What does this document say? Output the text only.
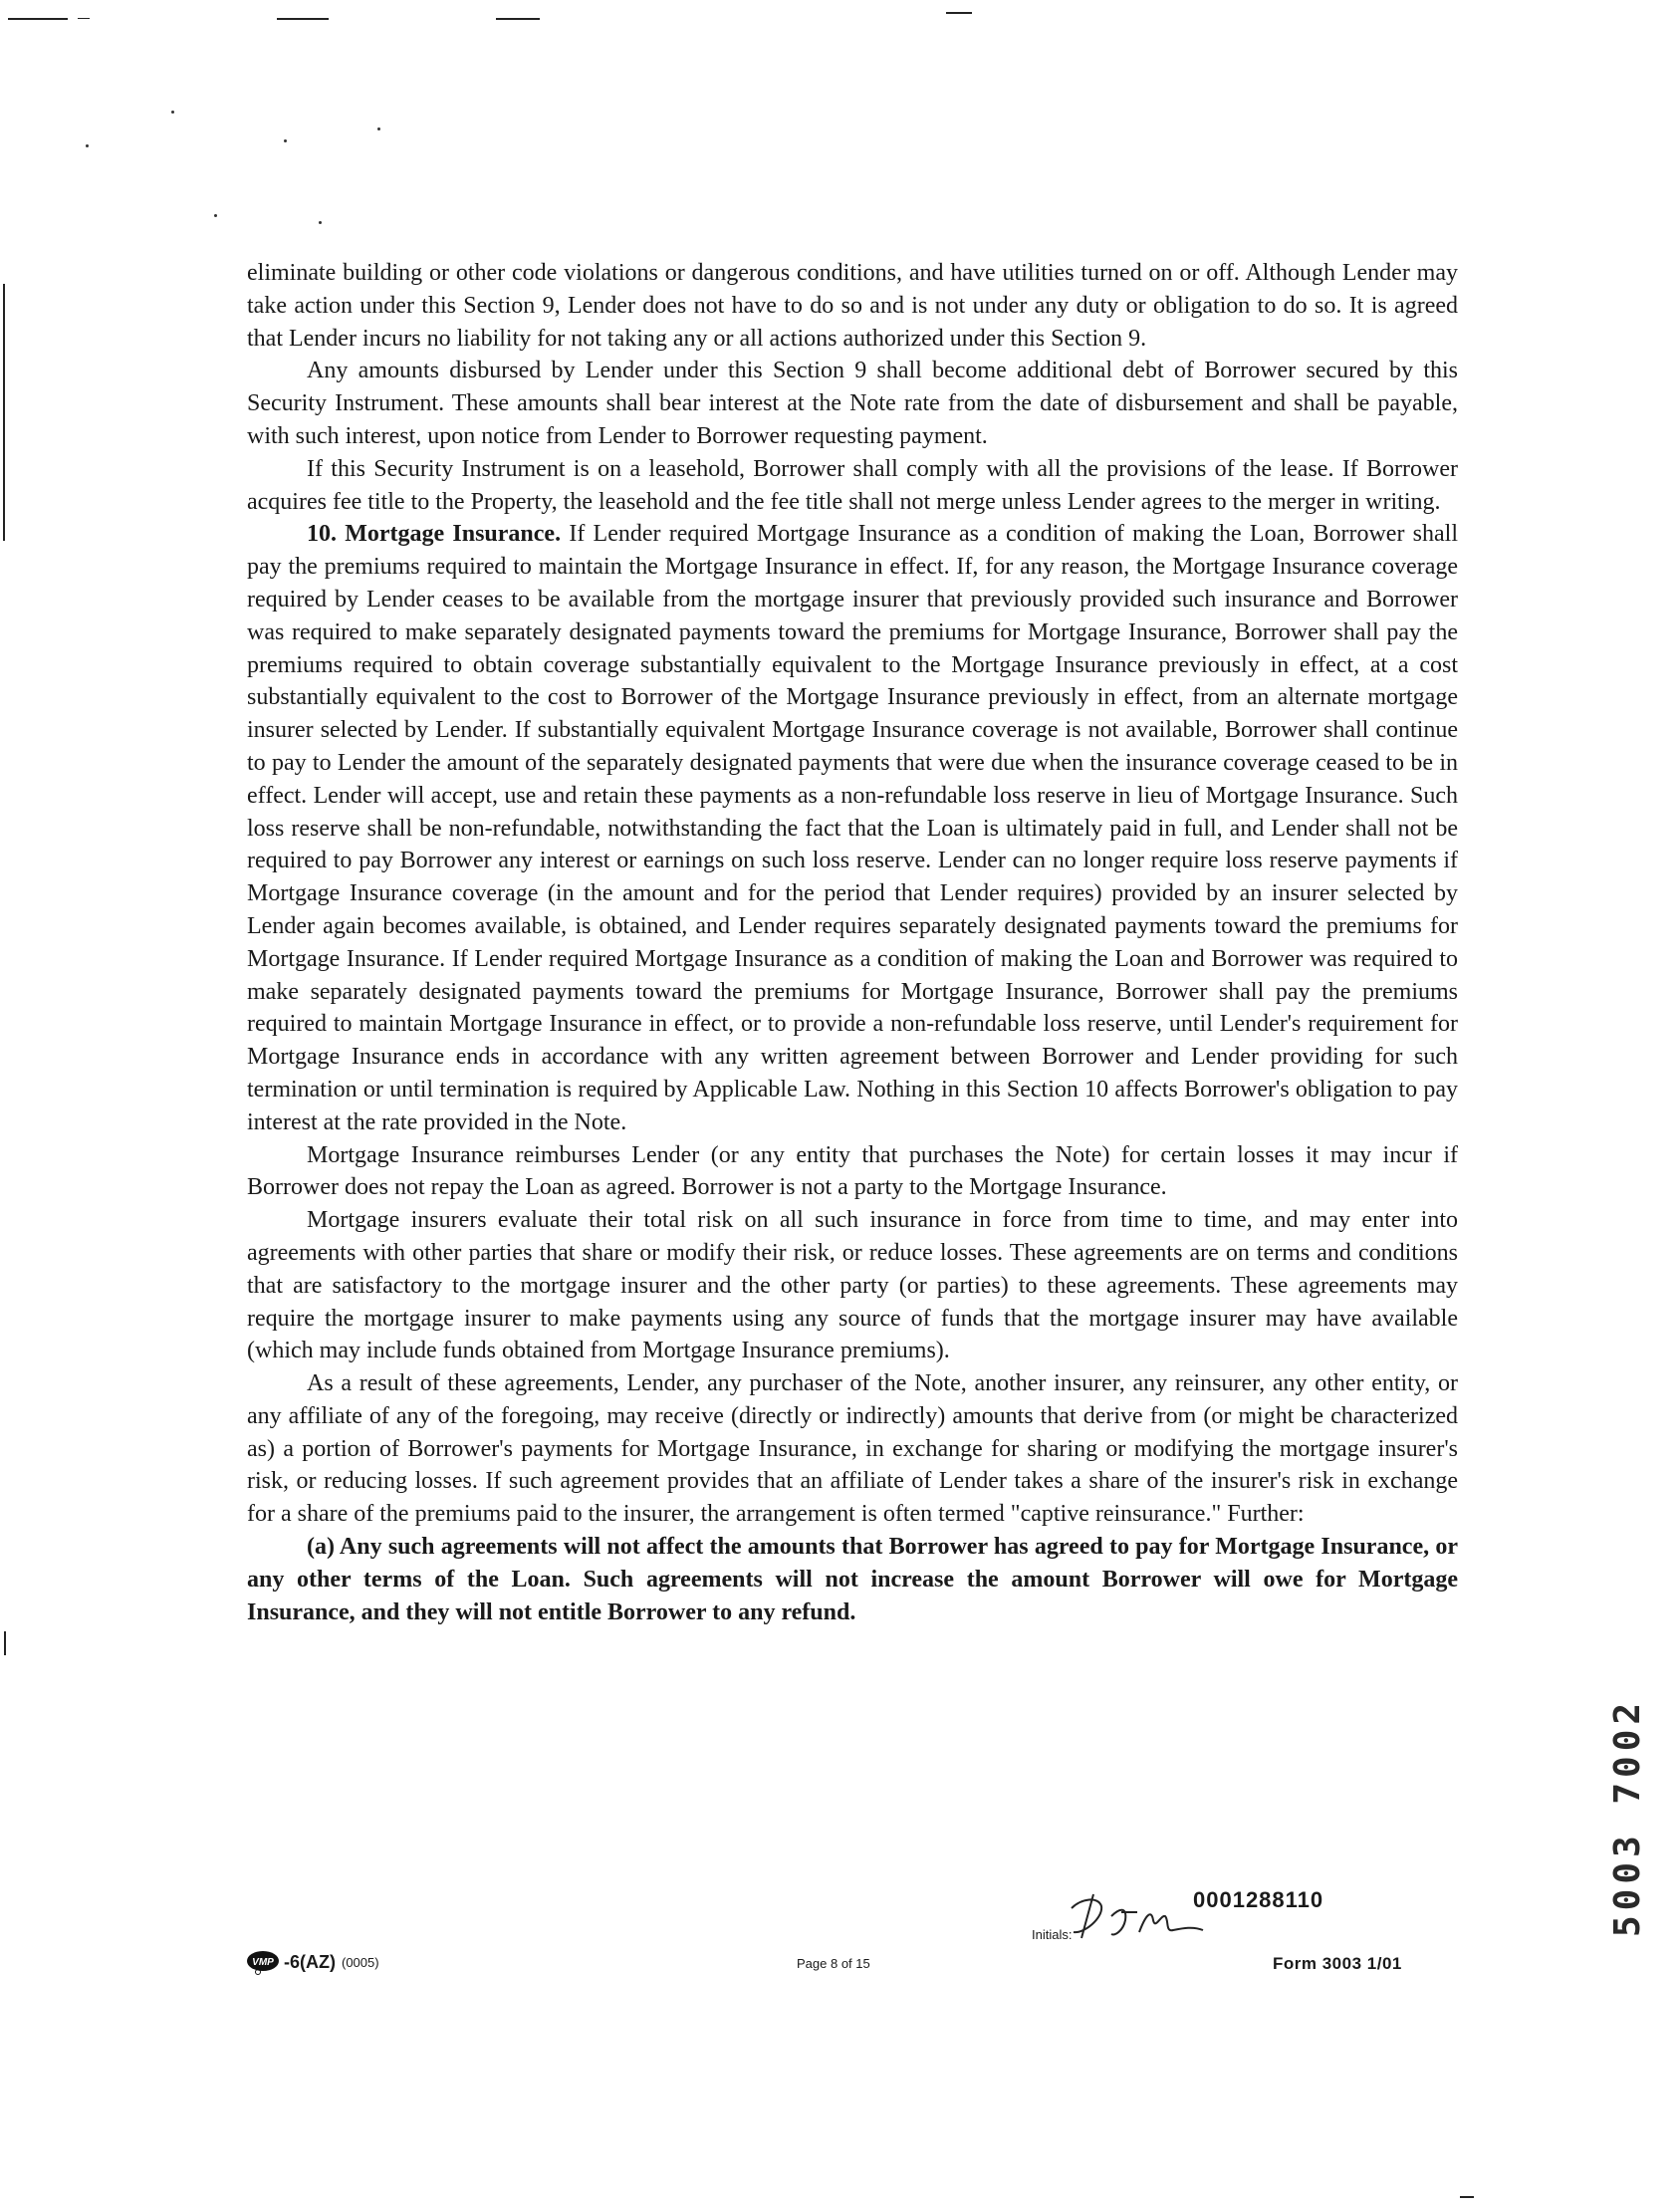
eliminate building or other code violations or dangerous conditions, and have utilities turned on or off. Although Lender may take action under this Section 9, Lender does not have to do so and is not under any duty or obligation to do so. It is agreed that Lender incurs no liability for not taking any or all actions authorized under this Section 9.

Any amounts disbursed by Lender under this Section 9 shall become additional debt of Borrower secured by this Security Instrument. These amounts shall bear interest at the Note rate from the date of disbursement and shall be payable, with such interest, upon notice from Lender to Borrower requesting payment.

If this Security Instrument is on a leasehold, Borrower shall comply with all the provisions of the lease. If Borrower acquires fee title to the Property, the leasehold and the fee title shall not merge unless Lender agrees to the merger in writing.

10. Mortgage Insurance. If Lender required Mortgage Insurance as a condition of making the Loan, Borrower shall pay the premiums required to maintain the Mortgage Insurance in effect. If, for any reason, the Mortgage Insurance coverage required by Lender ceases to be available from the mortgage insurer that previously provided such insurance and Borrower was required to make separately designated payments toward the premiums for Mortgage Insurance, Borrower shall pay the premiums required to obtain coverage substantially equivalent to the Mortgage Insurance previously in effect, at a cost substantially equivalent to the cost to Borrower of the Mortgage Insurance previously in effect, from an alternate mortgage insurer selected by Lender. If substantially equivalent Mortgage Insurance coverage is not available, Borrower shall continue to pay to Lender the amount of the separately designated payments that were due when the insurance coverage ceased to be in effect. Lender will accept, use and retain these payments as a non-refundable loss reserve in lieu of Mortgage Insurance. Such loss reserve shall be non-refundable, notwithstanding the fact that the Loan is ultimately paid in full, and Lender shall not be required to pay Borrower any interest or earnings on such loss reserve. Lender can no longer require loss reserve payments if Mortgage Insurance coverage (in the amount and for the period that Lender requires) provided by an insurer selected by Lender again becomes available, is obtained, and Lender requires separately designated payments toward the premiums for Mortgage Insurance. If Lender required Mortgage Insurance as a condition of making the Loan and Borrower was required to make separately designated payments toward the premiums for Mortgage Insurance, Borrower shall pay the premiums required to maintain Mortgage Insurance in effect, or to provide a non-refundable loss reserve, until Lender's requirement for Mortgage Insurance ends in accordance with any written agreement between Borrower and Lender providing for such termination or until termination is required by Applicable Law. Nothing in this Section 10 affects Borrower's obligation to pay interest at the rate provided in the Note.

Mortgage Insurance reimburses Lender (or any entity that purchases the Note) for certain losses it may incur if Borrower does not repay the Loan as agreed. Borrower is not a party to the Mortgage Insurance.

Mortgage insurers evaluate their total risk on all such insurance in force from time to time, and may enter into agreements with other parties that share or modify their risk, or reduce losses. These agreements are on terms and conditions that are satisfactory to the mortgage insurer and the other party (or parties) to these agreements. These agreements may require the mortgage insurer to make payments using any source of funds that the mortgage insurer may have available (which may include funds obtained from Mortgage Insurance premiums).

As a result of these agreements, Lender, any purchaser of the Note, another insurer, any reinsurer, any other entity, or any affiliate of any of the foregoing, may receive (directly or indirectly) amounts that derive from (or might be characterized as) a portion of Borrower's payments for Mortgage Insurance, in exchange for sharing or modifying the mortgage insurer's risk, or reducing losses. If such agreement provides that an affiliate of Lender takes a share of the insurer's risk in exchange for a share of the premiums paid to the insurer, the arrangement is often termed "captive reinsurance." Further:

(a) Any such agreements will not affect the amounts that Borrower has agreed to pay for Mortgage Insurance, or any other terms of the Loan. Such agreements will not increase the amount Borrower will owe for Mortgage Insurance, and they will not entitle Borrower to any refund.

0001288110
Initials:
VMP -6(AZ) (0005)	Page 8 of 15	Form 3003 1/01
5003 7002
